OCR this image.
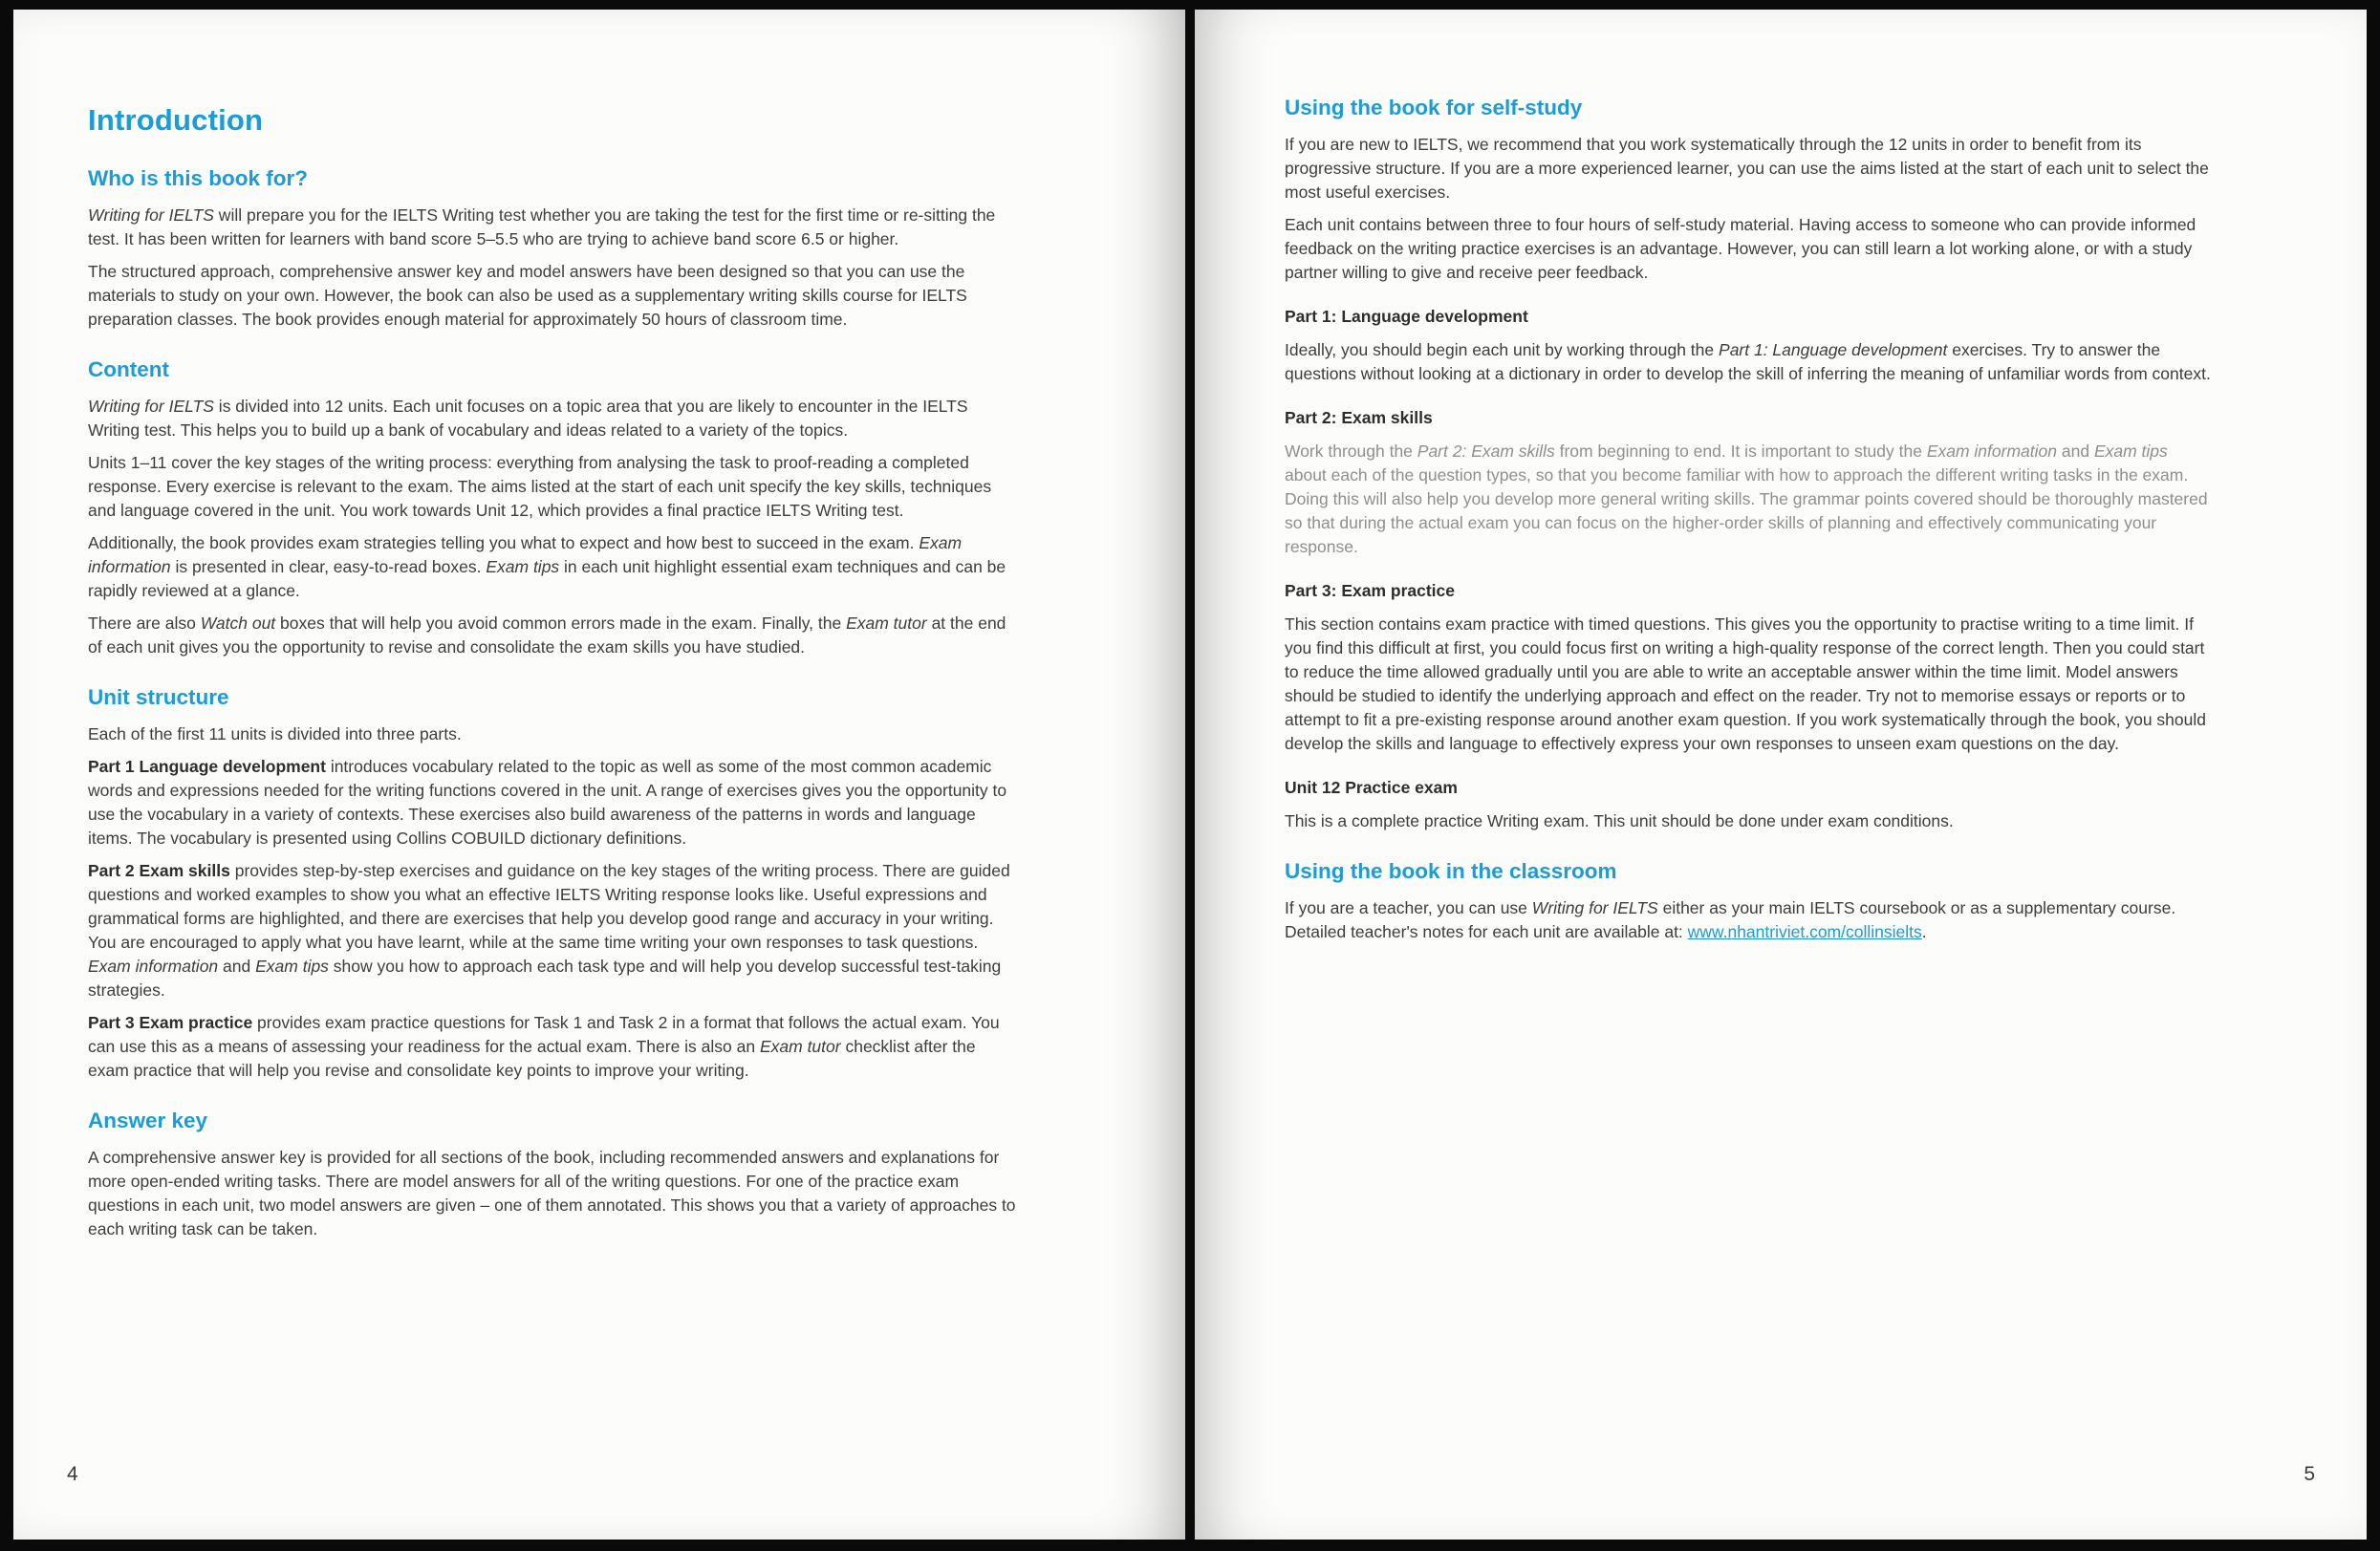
Introduction
Who is this book for?

Writing for IELTS will prepare you for the IELTS Writing test whether you are taking the test for the first time or re-sitting the test. It has been written for learners with band score 5–5.5 who are trying to achieve band score 6.5 or higher.

The structured approach, comprehensive answer key and model answers have been designed so that you can use the materials to study on your own. However, the book can also be used as a supplementary writing skills course for IELTS preparation classes. The book provides enough material for approximately 50 hours of classroom time.

Content

Writing for IELTS is divided into 12 units. Each unit focuses on a topic area that you are likely to encounter in the IELTS Writing test. This helps you to build up a bank of vocabulary and ideas related to a variety of the topics.

Units 1–11 cover the key stages of the writing process: everything from analysing the task to proof-reading a completed response. Every exercise is relevant to the exam. The aims listed at the start of each unit specify the key skills, techniques and language covered in the unit. You work towards Unit 12, which provides a final practice IELTS Writing test.

Additionally, the book provides exam strategies telling you what to expect and how best to succeed in the exam. Exam information is presented in clear, easy-to-read boxes. Exam tips in each unit highlight essential exam techniques and can be rapidly reviewed at a glance.

There are also Watch out boxes that will help you avoid common errors made in the exam. Finally, the Exam tutor at the end of each unit gives you the opportunity to revise and consolidate the exam skills you have studied.

Unit structure

Each of the first 11 units is divided into three parts.

Part 1 Language development introduces vocabulary related to the topic as well as some of the most common academic words and expressions needed for the writing functions covered in the unit. A range of exercises gives you the opportunity to use the vocabulary in a variety of contexts. These exercises also build awareness of the patterns in words and language items. The vocabulary is presented using Collins COBUILD dictionary definitions.

Part 2 Exam skills provides step-by-step exercises and guidance on the key stages of the writing process. There are guided questions and worked examples to show you what an effective IELTS Writing response looks like. Useful expressions and grammatical forms are highlighted, and there are exercises that help you develop good range and accuracy in your writing. You are encouraged to apply what you have learnt, while at the same time writing your own responses to task questions. Exam information and Exam tips show you how to approach each task type and will help you develop successful test-taking strategies.

Part 3 Exam practice provides exam practice questions for Task 1 and Task 2 in a format that follows the actual exam. You can use this as a means of assessing your readiness for the actual exam. There is also an Exam tutor checklist after the exam practice that will help you revise and consolidate key points to improve your writing.

Answer key

A comprehensive answer key is provided for all sections of the book, including recommended answers and explanations for more open-ended writing tasks. There are model answers for all of the writing questions. For one of the practice exam questions in each unit, two model answers are given – one of them annotated. This shows you that a variety of approaches to each writing task can be taken.

4
Using the book for self-study

If you are new to IELTS, we recommend that you work systematically through the 12 units in order to benefit from its progressive structure. If you are a more experienced learner, you can use the aims listed at the start of each unit to select the most useful exercises.

Each unit contains between three to four hours of self-study material. Having access to someone who can provide informed feedback on the writing practice exercises is an advantage. However, you can still learn a lot working alone, or with a study partner willing to give and receive peer feedback.

Part 1: Language development

Ideally, you should begin each unit by working through the Part 1: Language development exercises. Try to answer the questions without looking at a dictionary in order to develop the skill of inferring the meaning of unfamiliar words from context.

Part 2: Exam skills

Work through the Part 2: Exam skills from beginning to end. It is important to study the Exam information and Exam tips about each of the question types, so that you become familiar with how to approach the different writing tasks in the exam. Doing this will also help you develop more general writing skills. The grammar points covered should be thoroughly mastered so that during the actual exam you can focus on the higher-order skills of planning and effectively communicating your response.

Part 3: Exam practice

This section contains exam practice with timed questions. This gives you the opportunity to practise writing to a time limit. If you find this difficult at first, you could focus first on writing a high-quality response of the correct length. Then you could start to reduce the time allowed gradually until you are able to write an acceptable answer within the time limit. Model answers should be studied to identify the underlying approach and effect on the reader. Try not to memorise essays or reports or to attempt to fit a pre-existing response around another exam question. If you work systematically through the book, you should develop the skills and language to effectively express your own responses to unseen exam questions on the day.

Unit 12 Practice exam

This is a complete practice Writing exam. This unit should be done under exam conditions.

Using the book in the classroom

If you are a teacher, you can use Writing for IELTS either as your main IELTS coursebook or as a supplementary course. Detailed teacher's notes for each unit are available at: www.nhantriviet.com/collinsielts.

5
